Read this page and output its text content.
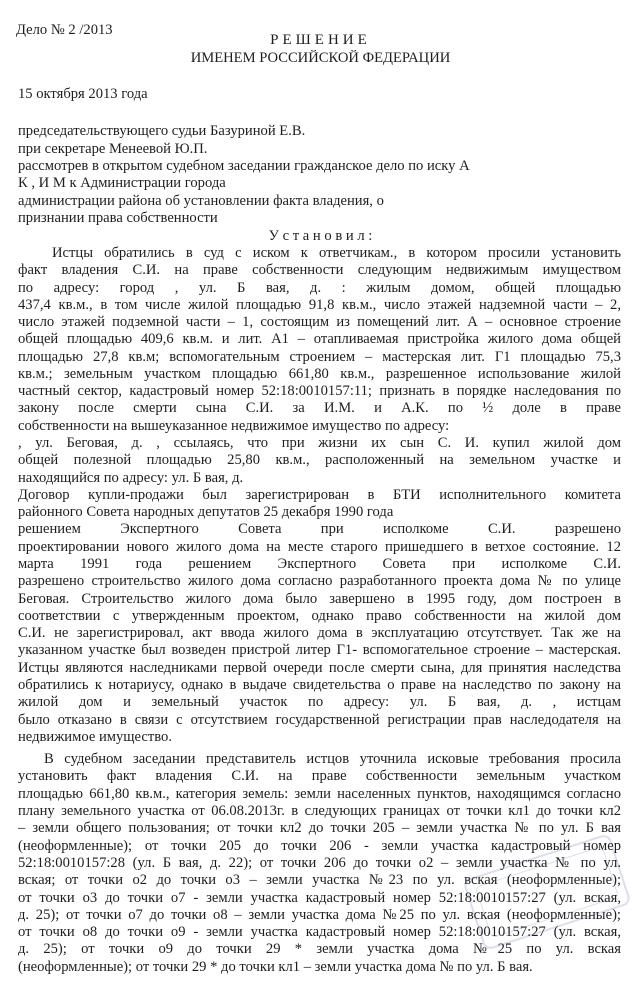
Дело № 2 /2013
РЕШЕНИЕ
ИМЕНЕМ РОССИЙСКОЙ ФЕДЕРАЦИИ
15 октября 2013 года
председательствующего судьи Базуриной Е.В.
при секретаре Менеевой Ю.П.
рассмотрев в открытом судебном заседании гражданское дело по иску А
К , И М к Администрации города
администрации района об установлении факта владения, о
признании права собственности
У с т а н о в и л :
Истцы обратились в суд с иском к ответчикам., в котором просили установить
факт владения С.И. на праве собственности следующим недвижимым имуществом
по адресу: город , ул. Б вая, д. : жилым домом, общей площадью
437,4 кв.м., в том числе жилой площадью 91,8 кв.м., число этажей надземной части – 2,
число этажей подземной части – 1, состоящим из помещений лит. А – основное строение
общей площадью 409,6 кв.м. и лит. А1 – отапливаемая пристройка жилого дома общей
площадью 27,8 кв.м; вспомогательным строением – мастерская лит. Г1 площадью 75,3
кв.м.; земельным участком площадью 661,80 кв.м., разрешенное использование жилой
частный сектор, кадастровый номер 52:18:0010157:11; признать в порядке наследования по
закону после смерти сына С.И. за И.М. и А.К. по ½ доле в праве
собственности на вышеуказанное недвижимое имущество по адресу:
, ул. Беговая, д. , ссылаясь, что при жизни их сын С. И. купил жилой дом
общей полезной площадью 25,80 кв.м., расположенный на земельном участке и
находящийся по адресу: ул. Б вая, д.
Договор купли-продажи был зарегистрирован в БТИ исполнительного комитета
районного Совета народных депутатов 25 декабря 1990 года
решением Экспертного Совета при исполкоме С.И. разрешено
проектировании нового жилого дома на месте старого пришедшего в ветхое состояние. 12
марта 1991 года решением Экспертного Совета при исполкоме С.И.
разрешено строительство жилого дома согласно разработанного проекта дома № по улице
Беговая. Строительство жилого дома было завершено в 1995 году, дом построен в
соответствии с утвержденным проектом, однако право собственности на жилой дом
С.И. не зарегистрировал, акт ввода жилого дома в эксплуатацию отсутствует. Так же на
указанном участке был возведен пристрой литер Г1- вспомогательное строение – мастерская.
Истцы являются наследниками первой очереди после смерти сына, для принятия наследства
обратились к нотариусу, однако в выдаче свидетельства о праве на наследство по закону на
жилой дом и земельный участок по адресу: ул. Б вая, д. , истцам
было отказано в связи с отсутствием государственной регистрации прав наследодателя на
недвижимое имущество.
В судебном заседании представитель истцов уточнила исковые требования просила
установить факт владения С.И. на праве собственности земельным участком
площадью 661,80 кв.м., категория земель: земли населенных пунктов, находящимся согласно
плану земельного участка от 06.08.2013г. в следующих границах от точки кл1 до точки кл2
– земли общего пользования; от точки кл2 до точки 205 – земли участка № по ул. Б вая
(неоформленные); от точки 205 до точки 206 - земли участка кадастровый номер
52:18:0010157:28 (ул. Б вая, д. 22); от точки 206 до точки о2 – земли участка № по ул.
вская; от точки о2 до точки о3 – земли участка №23 по ул. вская (неоформленные);
от точки о3 до точки о7 - земли участка кадастровый номер 52:18:0010157:27 (ул. вская,
д. 25); от точки о7 до точки о8 – земли участка дома №25 по ул. вская (неоформленные);
от точки о8 до точки о9 - земли участка кадастровый номер 52:18:0010157:27 (ул. вская,
д. 25); от точки о9 до точки 29 * земли участка дома №25 по ул. вская
(неоформленные); от точки 29 * до точки кл1 – земли участка дома № по ул. Б вая.
